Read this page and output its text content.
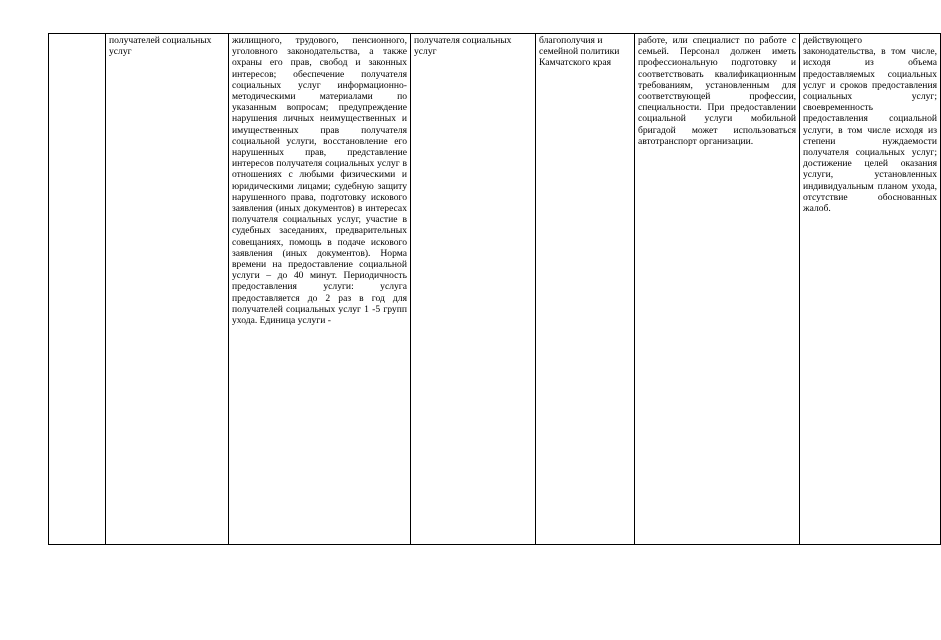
	получателей социальных услуг	жилищного, трудового, пенсионного, уголовного законодательства, а также охраны его прав, свобод и законных интересов; обеспечение получателя социальных услуг информационно-методическими материалами по указанным вопросам; предупреждение нарушения личных неимущественных и имущественных прав получателя социальной услуги, восстановление его нарушенных прав, представление интересов получателя социальных услуг в отношениях с любыми физическими и юридическими лицами; судебную защиту нарушенного права, подготовку искового заявления (иных документов) в интересах получателя социальных услуг, участие в судебных заседаниях, предварительных совещаниях, помощь в подаче искового заявления (иных документов). Норма времени на предоставление социальной услуги – до 40 минут. Периодичность предоставления услуги: услуга предоставляется до 2 раз в год для получателей социальных услуг 1 -5 групп ухода. Единица услуги -	получателя социальных услуг	благополучия и семейной политики Камчатского края	работе, или специалист по работе с семьей. Персонал должен иметь профессиональную подготовку и соответствовать квалификационным требованиям, установленным для соответствующей профессии, специальности. При предоставлении социальной услуги мобильной бригадой может использоваться автотранспорт организации.	действующего законодательства, в том числе, исходя из объема предоставляемых социальных услуг и сроков предоставления социальных услуг; своевременность предоставления социальной услуги, в том числе исходя из степени нуждаемости получателя социальных услуг; достижение целей оказания услуги, установленных индивидуальным планом ухода, отсутствие обоснованных жалоб.
